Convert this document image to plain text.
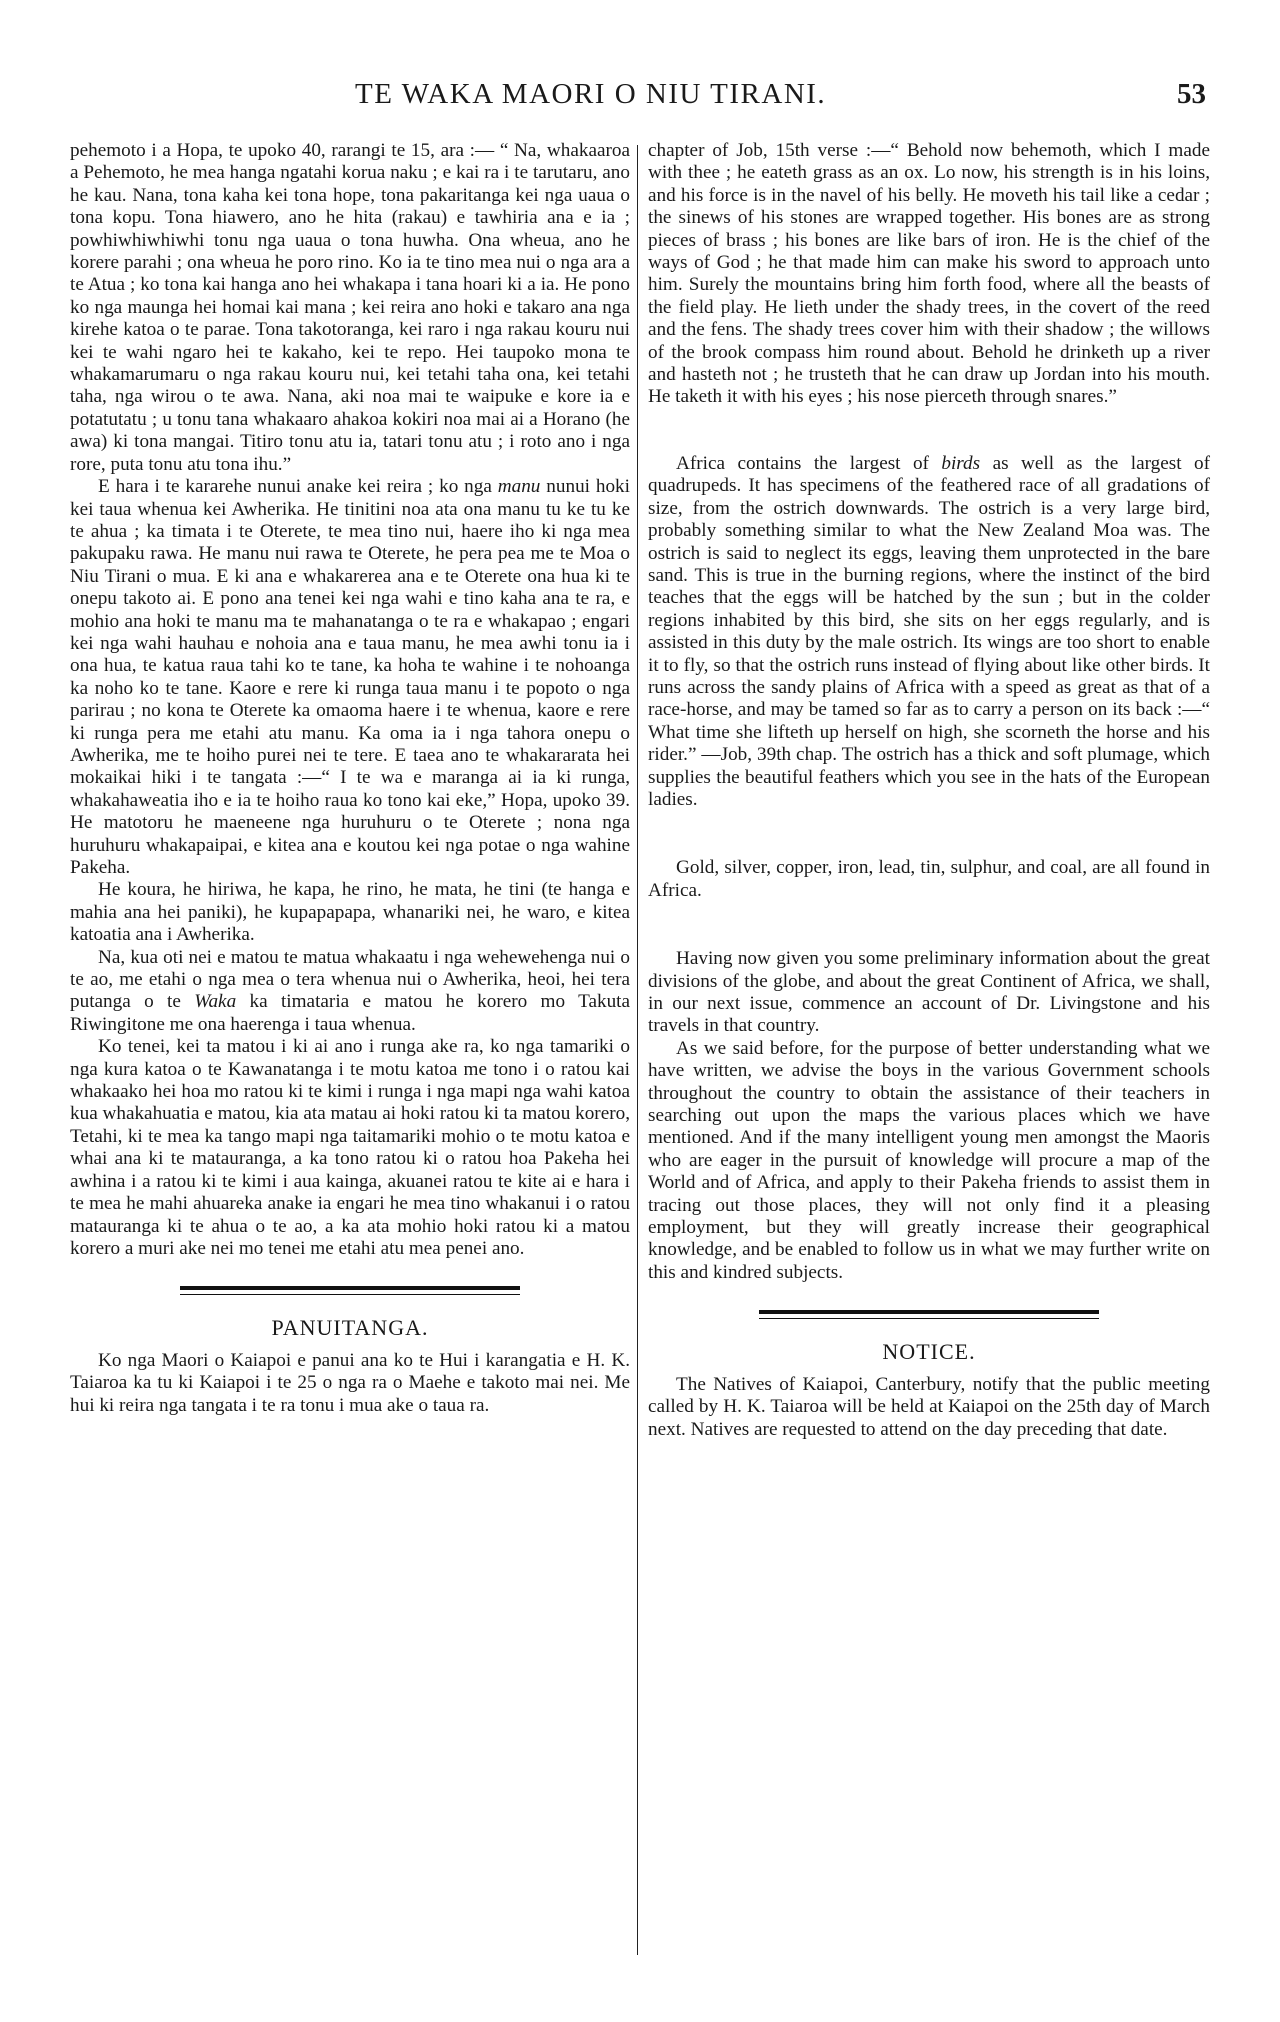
TE WAKA MAORI O NIU TIRANI.	53

pehemoto i a Hopa, te upoko 40, rarangi te 15, ara :— “ Na, whakaaroa a Pehemoto, he mea hanga ngatahi korua naku ; e kai ra i te tarutaru, ano he kau. Nana, tona kaha kei tona hope, tona pakaritanga kei nga uaua o tona kopu. Tona hiawero, ano he hita (rakau) e tawhiria ana e ia ; powhiwhiwhiwhi tonu nga uaua o tona huwha. Ona wheua, ano he korere parahi ; ona wheua he poro rino. Ko ia te tino mea nui o nga ara a te Atua ; ko tona kai hanga ano hei whakapa i tana hoari ki a ia. He pono ko nga maunga hei homai kai mana ; kei reira ano hoki e takaro ana nga kirehe katoa o te parae. Tona takotoranga, kei raro i nga rakau kouru nui kei te wahi ngaro hei te kakaho, kei te repo. Hei taupoko mona te whakamarumaru o nga rakau kouru nui, kei tetahi taha ona, kei tetahi taha, nga wirou o te awa. Nana, aki noa mai te waipuke e kore ia e potatutatu ; u tonu tana whakaaro ahakoa kokiri noa mai ai a Horano (he awa) ki tona mangai. Titiro tonu atu ia, tatari tonu atu ; i roto ano i nga rore, puta tonu atu tona ihu.”

E hara i te kararehe nunui anake kei reira ; ko nga manu nunui hoki kei taua whenua kei Awherika. He tinitini noa ata ona manu tu ke tu ke te ahua ; ka timata i te Oterete, te mea tino nui, haere iho ki nga mea pakupaku rawa. He manu nui rawa te Oterete, he pera pea me te Moa o Niu Tirani o mua. E ki ana e whakarerea ana e te Oterete ona hua ki te onepu takoto ai. E pono ana tenei kei nga wahi e tino kaha ana te ra, e mohio ana hoki te manu ma te mahanatanga o te ra e whakapao ; engari kei nga wahi hauhau e nohoia ana e taua manu, he mea awhi tonu ia i ona hua, te katua raua tahi ko te tane, ka hoha te wahine i te nohoanga ka noho ko te tane. Kaore e rere ki runga taua manu i te popoto o nga parirau ; no kona te Oterete ka omaoma haere i te whenua, kaore e rere ki runga pera me etahi atu manu. Ka oma ia i nga tahora onepu o Awherika, me te hoiho purei nei te tere. E taea ano te whakararata hei mokaikai hiki i te tangata :—“ I te wa e maranga ai ia ki runga, whakahaweatia iho e ia te hoiho raua ko tono kai eke,” Hopa, upoko 39. He matotoru he maeneene nga huruhuru o te Oterete ; nona nga huruhuru whakapaipai, e kitea ana e koutou kei nga potae o nga wahine Pakeha.

He koura, he hiriwa, he kapa, he rino, he mata, he tini (te hanga e mahia ana hei paniki), he kupapapapa, whanariki nei, he waro, e kitea katoatia ana i Awherika.

Na, kua oti nei e matou te matua whakaatu i nga wehewehenga nui o te ao, me etahi o nga mea o tera whenua nui o Awherika, heoi, hei tera putanga o te Waka ka timataria e matou he korero mo Takuta Riwingitone me ona haerenga i taua whenua.

Ko tenei, kei ta matou i ki ai ano i runga ake ra, ko nga tamariki o nga kura katoa o te Kawanatanga i te motu katoa me tono i o ratou kai whakaako hei hoa mo ratou ki te kimi i runga i nga mapi nga wahi katoa kua whakahuatia e matou, kia ata matau ai hoki ratou ki ta matou korero, Tetahi, ki te mea ka tango mapi nga taitamariki mohio o te motu katoa e whai ana ki te matauranga, a ka tono ratou ki o ratou hoa Pakeha hei awhina i a ratou ki te kimi i aua kainga, akuanei ratou te kite ai e hara i te mea he mahi ahuareka anake ia engari he mea tino whakanui i o ratou matauranga ki te ahua o te ao, a ka ata mohio hoki ratou ki a matou korero a muri ake nei mo tenei me etahi atu mea penei ano.

PANUITANGA.

Ko nga Maori o Kaiapoi e panui ana ko te Hui i karangatia e H. K. Taiaroa ka tu ki Kaiapoi i te 25 o nga ra o Maehe e takoto mai nei. Me hui ki reira nga tangata i te ra tonu i mua ake o taua ra.

chapter of Job, 15th verse :—“ Behold now behemoth, which I made with thee ; he eateth grass as an ox. Lo now, his strength is in his loins, and his force is in the navel of his belly. He moveth his tail like a cedar ; the sinews of his stones are wrapped together. His bones are as strong pieces of brass ; his bones are like bars of iron. He is the chief of the ways of God ; he that made him can make his sword to approach unto him. Surely the mountains bring him forth food, where all the beasts of the field play. He lieth under the shady trees, in the covert of the reed and the fens. The shady trees cover him with their shadow ; the willows of the brook compass him round about. Behold he drinketh up a river and hasteth not ; he trusteth that he can draw up Jordan into his mouth. He taketh it with his eyes ; his nose pierceth through snares.”

Africa contains the largest of birds as well as the largest of quadrupeds. It has specimens of the feathered race of all gradations of size, from the ostrich downwards. The ostrich is a very large bird, probably something similar to what the New Zealand Moa was. The ostrich is said to neglect its eggs, leaving them unprotected in the bare sand. This is true in the burning regions, where the instinct of the bird teaches that the eggs will be hatched by the sun ; but in the colder regions inhabited by this bird, she sits on her eggs regularly, and is assisted in this duty by the male ostrich. Its wings are too short to enable it to fly, so that the ostrich runs instead of flying about like other birds. It runs across the sandy plains of Africa with a speed as great as that of a race-horse, and may be tamed so far as to carry a person on its back :—“ What time she lifteth up herself on high, she scorneth the horse and his rider.” —Job, 39th chap. The ostrich has a thick and soft plumage, which supplies the beautiful feathers which you see in the hats of the European ladies.

Gold, silver, copper, iron, lead, tin, sulphur, and coal, are all found in Africa.

Having now given you some preliminary information about the great divisions of the globe, and about the great Continent of Africa, we shall, in our next issue, commence an account of Dr. Livingstone and his travels in that country.

As we said before, for the purpose of better understanding what we have written, we advise the boys in the various Government schools throughout the country to obtain the assistance of their teachers in searching out upon the maps the various places which we have mentioned. And if the many intelligent young men amongst the Maoris who are eager in the pursuit of knowledge will procure a map of the World and of Africa, and apply to their Pakeha friends to assist them in tracing out those places, they will not only find it a pleasing employment, but they will greatly increase their geographical knowledge, and be enabled to follow us in what we may further write on this and kindred subjects.

NOTICE.

The Natives of Kaiapoi, Canterbury, notify that the public meeting called by H. K. Taiaroa will be held at Kaiapoi on the 25th day of March next. Natives are requested to attend on the day preceding that date.
